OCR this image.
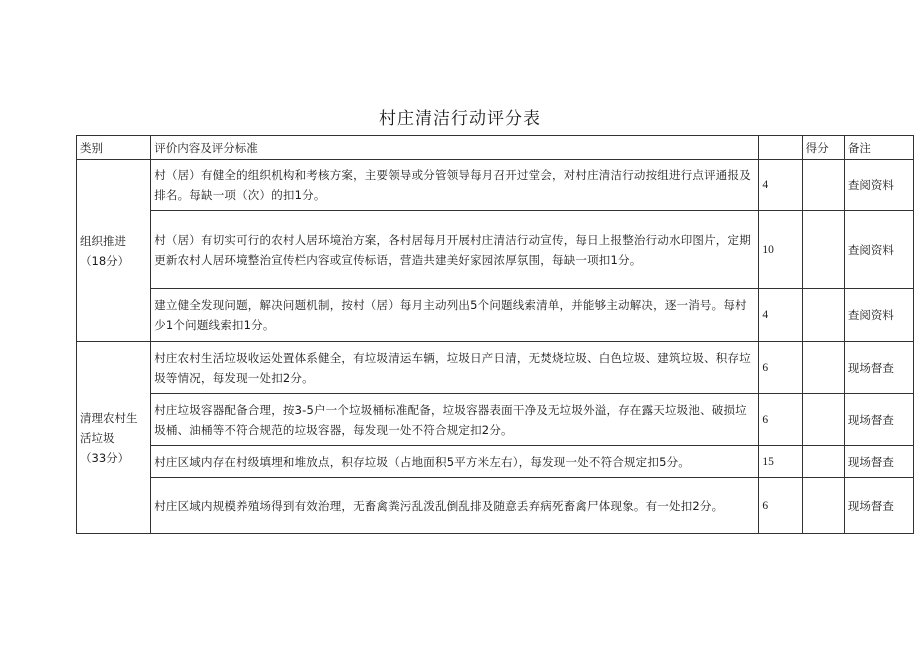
村庄清洁行动评分表
类别	评价内容及评分标准		得分	备注

组织推进
（18分）	村（居）有健全的组织机构和考核方案，主要领导或分管领导每月召开过堂会，对村庄清洁行动按组进行点评通报及排名。每缺一项（次）的扣1分。	4		查阅资料
	村（居）有切实可行的农村人居环境治方案，各村居每月开展村庄清洁行动宣传，每日上报整治行动水印图片，定期更新农村人居环境整治宣传栏内容或宣传标语，营造共建美好家园浓厚氛围，每缺一项扣1分。	10		查阅资料
	建立健全发现问题，解决问题机制，按村（居）每月主动列出5个问题线索清单，并能够主动解决，逐一消号。每村少1个问题线索扣1分。	4		查阅资料

清理农村生活垃圾
（33分）	村庄农村生活垃圾收运处置体系健全，有垃圾清运车辆，垃圾日产日清，无焚烧垃圾、白色垃圾、建筑垃圾、积存垃圾等情况，每发现一处扣2分。	6		现场督查
	村庄垃圾容器配备合理，按3-5户一个垃圾桶标准配备，垃圾容器表面干净及无垃圾外溢，存在露天垃圾池、破损垃圾桶、油桶等不符合规范的垃圾容器，每发现一处不符合规定扣2分。	6		现场督查
	村庄区域内存在村级填埋和堆放点，积存垃圾（占地面积5平方米左右），每发现一处不符合规定扣5分。	15		现场督查
	村庄区域内规模养殖场得到有效治理，无畜禽粪污乱泼乱倒乱排及随意丢弃病死畜禽尸体现象。有一处扣2分。	6		现场督查
